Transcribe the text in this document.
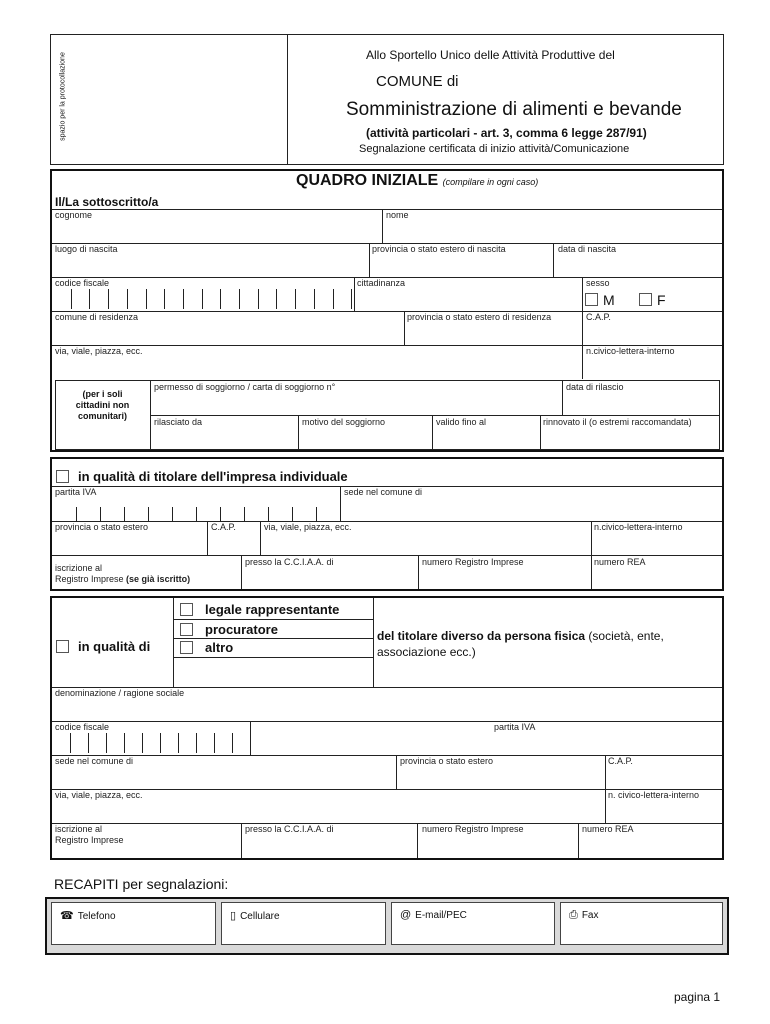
spazio per la protocollazione	Allo Sportello Unico delle Attività Produttive del
COMUNE di
Somministrazione di alimenti e bevande
(attività particolari - art. 3, comma 6 legge 287/91)
Segnalazione certificata di inizio attività/Comunicazione
QUADRO INIZIALE (compilare in ogni caso)
Il/La sottoscritto/a
cognome	nome
luogo di nascita	provincia o stato estero di nascita	data di nascita
codice fiscale	cittadinanza	sesso
M	F
comune di residenza	provincia o stato estero di residenza	C.A.P.
via, viale, piazza, ecc.	n.civico-lettera-interno
(per i soli
cittadini non
comunitari)
permesso di soggiorno / carta di soggiorno n°	data di rilascio
rilasciato da	motivo del soggiorno	valido fino al	rinnovato il (o estremi raccomandata)
in qualità di titolare dell'impresa individuale
partita IVA	sede nel comune di
provincia o stato estero	C.A.P.	via, viale, piazza, ecc.	n.civico-lettera-interno
iscrizione al
Registro Imprese (se già iscritto)
presso la C.C.I.A.A. di	numero Registro Imprese	numero REA
in qualità di
legale rappresentante
procuratore
altro
del titolare diverso da persona fisica (società, ente,
associazione ecc.)
denominazione / ragione sociale
codice fiscale	partita IVA
sede nel comune di	provincia o stato estero	C.A.P.
via, viale, piazza, ecc.	n. civico-lettera-interno
iscrizione al
Registro Imprese
presso la C.C.I.A.A. di	numero Registro Imprese	numero REA
RECAPITI per segnalazioni:
☎ Telefono	▯ Cellulare	@ E-mail/PEC	⎙ Fax
pagina 1
